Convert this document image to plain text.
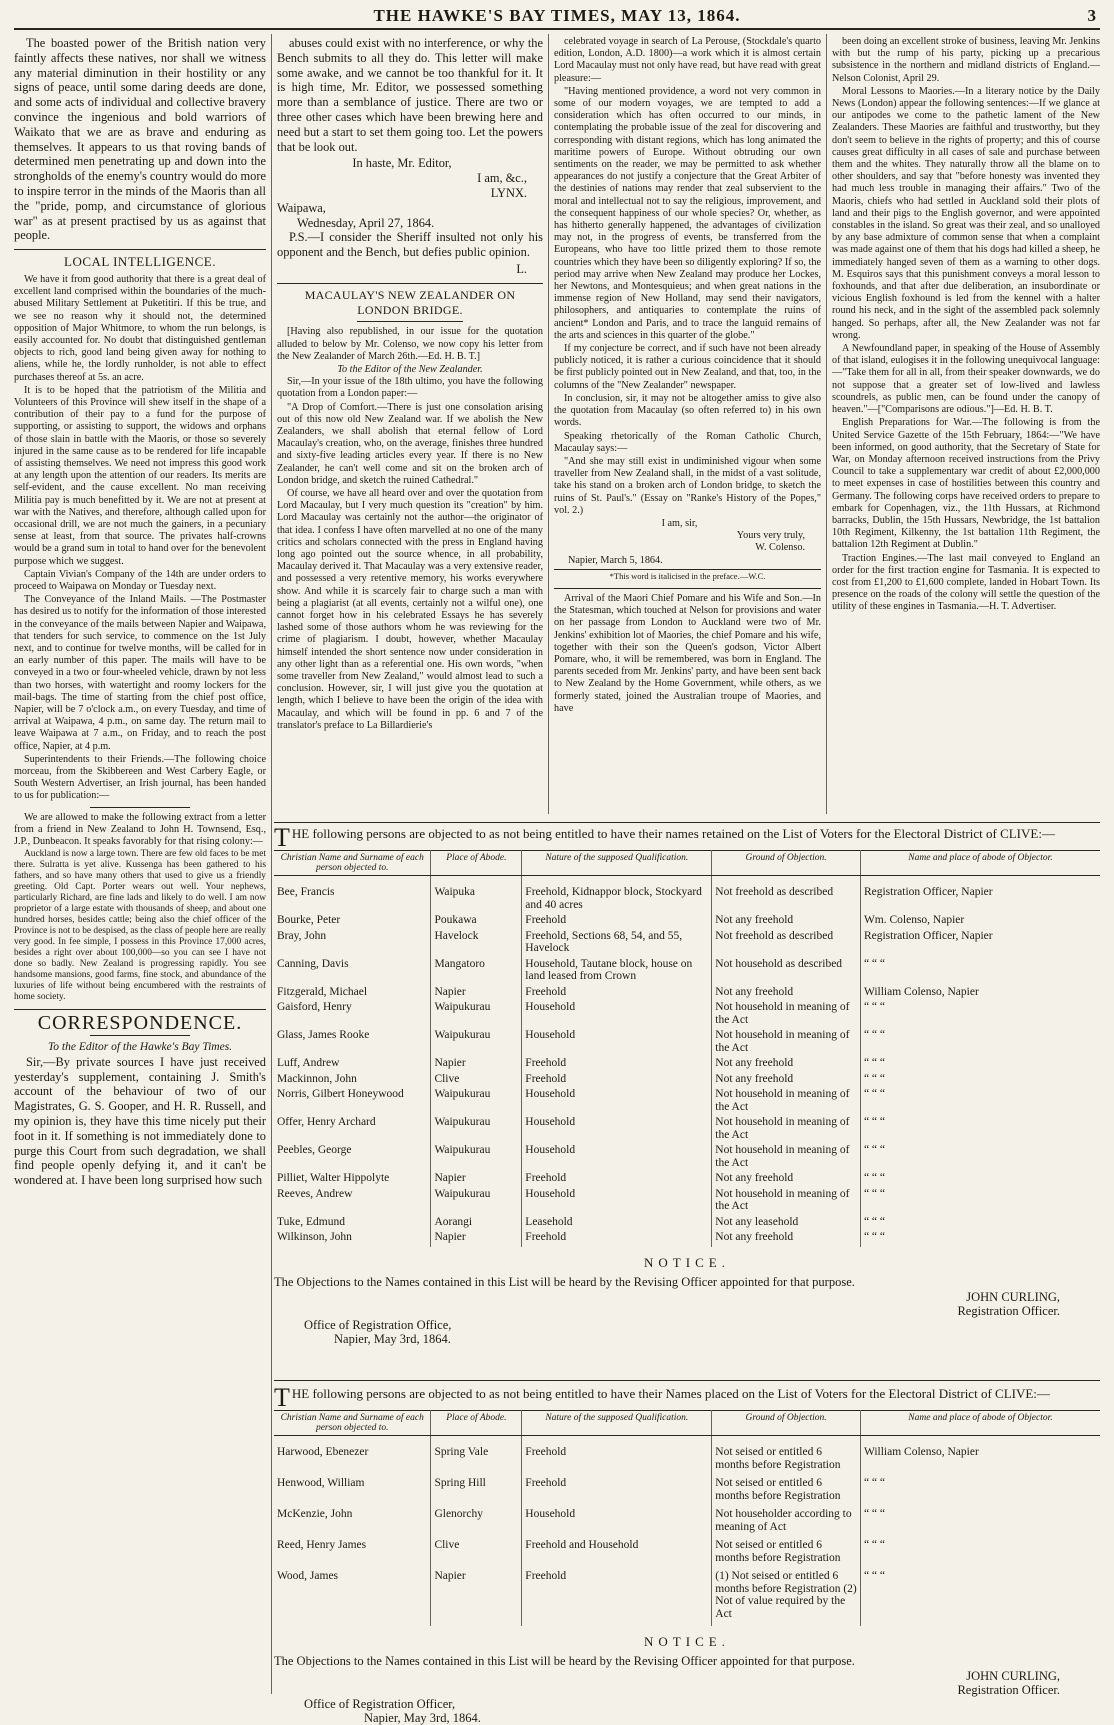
THE HAWKE'S BAY TIMES, MAY 13, 1864.	3

The boasted power of the British nation very faintly affects these natives, nor shall we witness any material diminution in their hostility or any signs of peace, until some daring deeds are done, and some acts of individual and collective bravery convince the ingenious and bold warriors of Waikato that we are as brave and enduring as themselves. It appears to us that roving bands of determined men penetrating up and down into the strongholds of the enemy's country would do more to inspire terror in the minds of the Maoris than all the "pride, pomp, and circumstance of glorious war" as at present practised by us as against that people.

LOCAL INTELLIGENCE.

We have it from good authority that there is a great deal of excellent land comprised within the boundaries of the much-abused Military Settlement at Puketitiri. If this be true, and we see no reason why it should not, the determined opposition of Major Whitmore, to whom the run belongs, is easily accounted for. No doubt that distinguished gentleman objects to rich, good land being given away for nothing to aliens, while he, the lordly runholder, is not able to effect purchases thereof at 5s. an acre.

It is to be hoped that the patriotism of the Militia and Volunteers of this Province will shew itself in the shape of a contribution of their pay to a fund for the purpose of supporting, or assisting to support, the widows and orphans of those slain in battle with the Maoris, or those so severely injured in the same cause as to be rendered for life incapable of assisting themselves. We need not impress this good work at any length upon the attention of our readers. Its merits are self-evident, and the cause excellent. No man receiving Militia pay is much benefitted by it. We are not at present at war with the Natives, and therefore, although called upon for occasional drill, we are not much the gainers, in a pecuniary sense at least, from that source. The privates half-crowns would be a grand sum in total to hand over for the benevolent purpose which we suggest.

Captain Vivian's Company of the 14th are under orders to proceed to Waipawa on Monday or Tuesday next.

The Conveyance of the Inland Mails. —The Postmaster has desired us to notify for the information of those interested in the conveyance of the mails between Napier and Waipawa, that tenders for such service, to commence on the 1st July next, and to continue for twelve months, will be called for in an early number of this paper. The mails will have to be conveyed in a two or four-wheeled vehicle, drawn by not less than two horses, with watertight and roomy lockers for the mail-bags. The time of starting from the chief post office, Napier, will be 7 o'clock a.m., on every Tuesday, and time of arrival at Waipawa, 4 p.m., on same day. The return mail to leave Waipawa at 7 a.m., on Friday, and to reach the post office, Napier, at 4 p.m.

Superintendents to their Friends.—The following choice morceau, from the Skibbereen and West Carbery Eagle, or South Western Advertiser, an Irish journal, has been handed to us for publication:—

We are allowed to make the following extract from a letter from a friend in New Zealand to John H. Townsend, Esq., J.P., Dunbeacon. It speaks favorably for that rising colony:—

Auckland is now a large town. There are few old faces to be met there. Sulratta is yet alive. Kussenga has been gathered to his fathers, and so have many others that used to give us a friendly greeting. Old Capt. Porter wears out well. Your nephews, particularly Richard, are fine lads and likely to do well. I am now proprietor of a large estate with thousands of sheep, and about one hundred horses, besides cattle; being also the chief officer of the Province is not to be despised, as the class of people here are really very good. In fee simple, I possess in this Province 17,000 acres, besides a right over about 100,000—so you can see I have not done so badly. New Zealand is progressing rapidly. You see handsome mansions, good farms, fine stock, and abundance of the luxuries of life without being encumbered with the restraints of home society.

CORRESPONDENCE.
To the Editor of the Hawke's Bay Times.

Sir,—By private sources I have just received yesterday's supplement, containing J. Smith's account of the behaviour of two of our Magistrates, G. S. Gooper, and H. R. Russell, and my opinion is, they have this time nicely put their foot in it. If something is not immediately done to purge this Court from such degradation, we shall find people openly defying it, and it can't be wondered at. I have been long surprised how such

abuses could exist with no interference, or why the Bench submits to all they do. This letter will make some awake, and we cannot be too thankful for it. It is high time, Mr. Editor, we possessed something more than a semblance of justice. There are two or three other cases which have been brewing here and need but a start to set them going too. Let the powers that be look out.

In haste, Mr. Editor,
I am, &c.,
LYNX.
Waipawa,
Wednesday, April 27, 1864.

P.S.—I consider the Sheriff insulted not only his opponent and the Bench, but defies public opinion.

L.
MACAULAY'S NEW ZEALANDER ON LONDON BRIDGE.

[Having also republished, in our issue for the quotation alluded to below by Mr. Colenso, we now copy his letter from the New Zealander of March 26th.—Ed. H. B. T.]

To the Editor of the New Zealander.

Sir,—In your issue of the 18th ultimo, you have the following quotation from a London paper:—

"A Drop of Comfort.—There is just one consolation arising out of this now old New Zealand war. If we abolish the New Zealanders, we shall abolish that eternal fellow of Lord Macaulay's creation, who, on the average, finishes three hundred and sixty-five leading articles every year. If there is no New Zealander, he can't well come and sit on the broken arch of London bridge, and sketch the ruined Cathedral."

Of course, we have all heard over and over the quotation from Lord Macaulay, but I very much question its "creation" by him. Lord Macaulay was certainly not the author—the originator of that idea. I confess I have often marvelled at no one of the many critics and scholars connected with the press in England having long ago pointed out the source whence, in all probability, Macaulay derived it. That Macaulay was a very extensive reader, and possessed a very retentive memory, his works everywhere show. And while it is scarcely fair to charge such a man with being a plagiarist (at all events, certainly not a wilful one), one cannot forget how in his celebrated Essays he has severely lashed some of those authors whom he was reviewing for the crime of plagiarism. I doubt, however, whether Macaulay himself intended the short sentence now under consideration in any other light than as a referential one. His own words, "when some traveller from New Zealand," would almost lead to such a conclusion. However, sir, I will just give you the quotation at length, which I believe to have been the origin of the idea with Macaulay, and which will be found in pp. 6 and 7 of the translator's preface to La Billardierie's

celebrated voyage in search of La Perouse, (Stockdale's quarto edition, London, A.D. 1800)—a work which it is almost certain Lord Macaulay must not only have read, but have read with great pleasure:—

"Having mentioned providence, a word not very common in some of our modern voyages, we are tempted to add a consideration which has often occurred to our minds, in contemplating the probable issue of the zeal for discovering and corresponding with distant regions, which has long animated the maritime powers of Europe. Without obtruding our own sentiments on the reader, we may be permitted to ask whether appearances do not justify a conjecture that the Great Arbiter of the destinies of nations may render that zeal subservient to the moral and intellectual not to say the religious, improvement, and the consequent happiness of our whole species? Or, whether, as has hitherto generally happened, the advantages of civilization may not, in the progress of events, be transferred from the Europeans, who have too little prized them to those remote countries which they have been so diligently exploring? If so, the period may arrive when New Zealand may produce her Lockes, her Newtons, and Montesquieus; and when great nations in the immense region of New Holland, may send their navigators, philosophers, and antiquaries to contemplate the ruins of ancient* London and Paris, and to trace the languid remains of the arts and sciences in this quarter of the globe."

If my conjecture be correct, and if such have not been already publicly noticed, it is rather a curious coincidence that it should be first publicly pointed out in New Zealand, and that, too, in the columns of the "New Zealander" newspaper.

In conclusion, sir, it may not be altogether amiss to give also the quotation from Macaulay (so often referred to) in his own words.

Speaking rhetorically of the Roman Catholic Church, Macaulay says:—

"And she may still exist in undiminished vigour when some traveller from New Zealand shall, in the midst of a vast solitude, take his stand on a broken arch of London bridge, to sketch the ruins of St. Paul's." (Essay on "Ranke's History of the Popes," vol. 2.)

I am, sir,
Yours very truly,
W. Colenso.
Napier, March 5, 1864.
*This word is italicised in the preface.—W.C.

Arrival of the Maori Chief Pomare and his Wife and Son.—In the Statesman, which touched at Nelson for provisions and water on her passage from London to Auckland were two of Mr. Jenkins' exhibition lot of Maories, the chief Pomare and his wife, together with their son the Queen's godson, Victor Albert Pomare, who, it will be remembered, was born in England. The parents seceded from Mr. Jenkins' party, and have been sent back to New Zealand by the Home Government, while others, as we formerly stated, joined the Australian troupe of Maories, and have

been doing an excellent stroke of business, leaving Mr. Jenkins with but the rump of his party, picking up a precarious subsistence in the northern and midland districts of England.—Nelson Colonist, April 29.

Moral Lessons to Maories.—In a literary notice by the Daily News (London) appear the following sentences:—If we glance at our antipodes we come to the pathetic lament of the New Zealanders. These Maories are faithful and trustworthy, but they don't seem to believe in the rights of property; and this of course causes great difficulty in all cases of sale and purchase between them and the whites. They naturally throw all the blame on to other shoulders, and say that "before honesty was invented they had much less trouble in managing their affairs." Two of the Maoris, chiefs who had settled in Auckland sold their plots of land and their pigs to the English governor, and were appointed constables in the island. So great was their zeal, and so unalloyed by any base admixture of common sense that when a complaint was made against one of them that his dogs had killed a sheep, he immediately hanged seven of them as a warning to other dogs. M. Esquiros says that this punishment conveys a moral lesson to foxhounds, and that after due deliberation, an insubordinate or vicious English foxhound is led from the kennel with a halter round his neck, and in the sight of the assembled pack solemnly hanged. So perhaps, after all, the New Zealander was not far wrong.

A Newfoundland paper, in speaking of the House of Assembly of that island, eulogises it in the following unequivocal language:—"Take them for all in all, from their speaker downwards, we do not suppose that a greater set of low-lived and lawless scoundrels, as public men, can be found under the canopy of heaven."—["Comparisons are odious."]—Ed. H. B. T.

English Preparations for War.—The following is from the United Service Gazette of the 15th February, 1864:—"We have been informed, on good authority, that the Secretary of State for War, on Monday afternoon received instructions from the Privy Council to take a supplementary war credit of about £2,000,000 to meet expenses in case of hostilities between this country and Germany. The following corps have received orders to prepare to embark for Copenhagen, viz., the 11th Hussars, at Richmond barracks, Dublin, the 15th Hussars, Newbridge, the 1st battalion 10th Regiment, Kilkenny, the 1st battalion 11th Regiment, the battalion 12th Regiment at Dublin."

Traction Engines.—The last mail conveyed to England an order for the first traction engine for Tasmania. It is expected to cost from £1,200 to £1,600 complete, landed in Hobart Town. Its presence on the roads of the colony will settle the question of the utility of these engines in Tasmania.—H. T. Advertiser.

THE following persons are objected to as not being entitled to have their names retained on the List of Voters for the Electoral District of CLIVE:—
Christian Name and Surname of each person objected to.	Place of Abode.	Nature of the supposed Qualification.	Ground of Objection.	Name and place of abode of Objector.

Bee, Francis	Waipuka	Freehold, Kidnappor block, Stockyard and 40 acres	Not freehold as described	Registration Officer, Napier
Bourke, Peter	Poukawa	Freehold	Not any freehold	Wm. Colenso, Napier
Bray, John	Havelock	Freehold, Sections 68, 54, and 55, Havelock	Not freehold as described	Registration Officer, Napier
Canning, Davis	Mangatoro	Household, Tautane block, house on land leased from Crown	Not household as described	“ “ “
Fitzgerald, Michael	Napier	Freehold	Not any freehold	William Colenso, Napier
Gaisford, Henry	Waipukurau	Household	Not household in meaning of the Act	“ “ “
Glass, James Rooke	Waipukurau	Household	Not household in meaning of the Act	“ “ “
Luff, Andrew	Napier	Freehold	Not any freehold	“ “ “
Mackinnon, John	Clive	Freehold	Not any freehold	“ “ “
Norris, Gilbert Honeywood	Waipukurau	Household	Not household in meaning of the Act	“ “ “
Offer, Henry Archard	Waipukurau	Household	Not household in meaning of the Act	“ “ “
Peebles, George	Waipukurau	Household	Not household in meaning of the Act	“ “ “
Pilliet, Walter Hippolyte	Napier	Freehold	Not any freehold	“ “ “
Reeves, Andrew	Waipukurau	Household	Not household in meaning of the Act	“ “ “
Tuke, Edmund	Aorangi	Leasehold	Not any leasehold	“ “ “
Wilkinson, John	Napier	Freehold	Not any freehold	“ “ “
NOTICE.
The Objections to the Names contained in this List will be heard by the Revising Officer appointed for that purpose.
JOHN CURLING,
Registration Officer.
Office of Registration Office,
Napier, May 3rd, 1864.
THE following persons are objected to as not being entitled to have their Names placed on the List of Voters for the Electoral District of CLIVE:—
Christian Name and Surname of each person objected to.	Place of Abode.	Nature of the supposed Qualification.	Ground of Objection.	Name and place of abode of Objector.

Harwood, Ebenezer	Spring Vale	Freehold	Not seised or entitled 6 months before Registration	William Colenso, Napier
Henwood, William	Spring Hill	Freehold	Not seised or entitled 6 months before Registration	“ “ “
McKenzie, John	Glenorchy	Household	Not householder according to meaning of Act	“ “ “
Reed, Henry James	Clive	Freehold and Household	Not seised or entitled 6 months before Registration	“ “ “
Wood, James	Napier	Freehold	(1) Not seised or entitled 6 months before Registration (2) Not of value required by the Act	“ “ “
NOTICE.
The Objections to the Names contained in this List will be heard by the Revising Officer appointed for that purpose.
JOHN CURLING,
Registration Officer.
Office of Registration Officer,
Napier, May 3rd, 1864.
